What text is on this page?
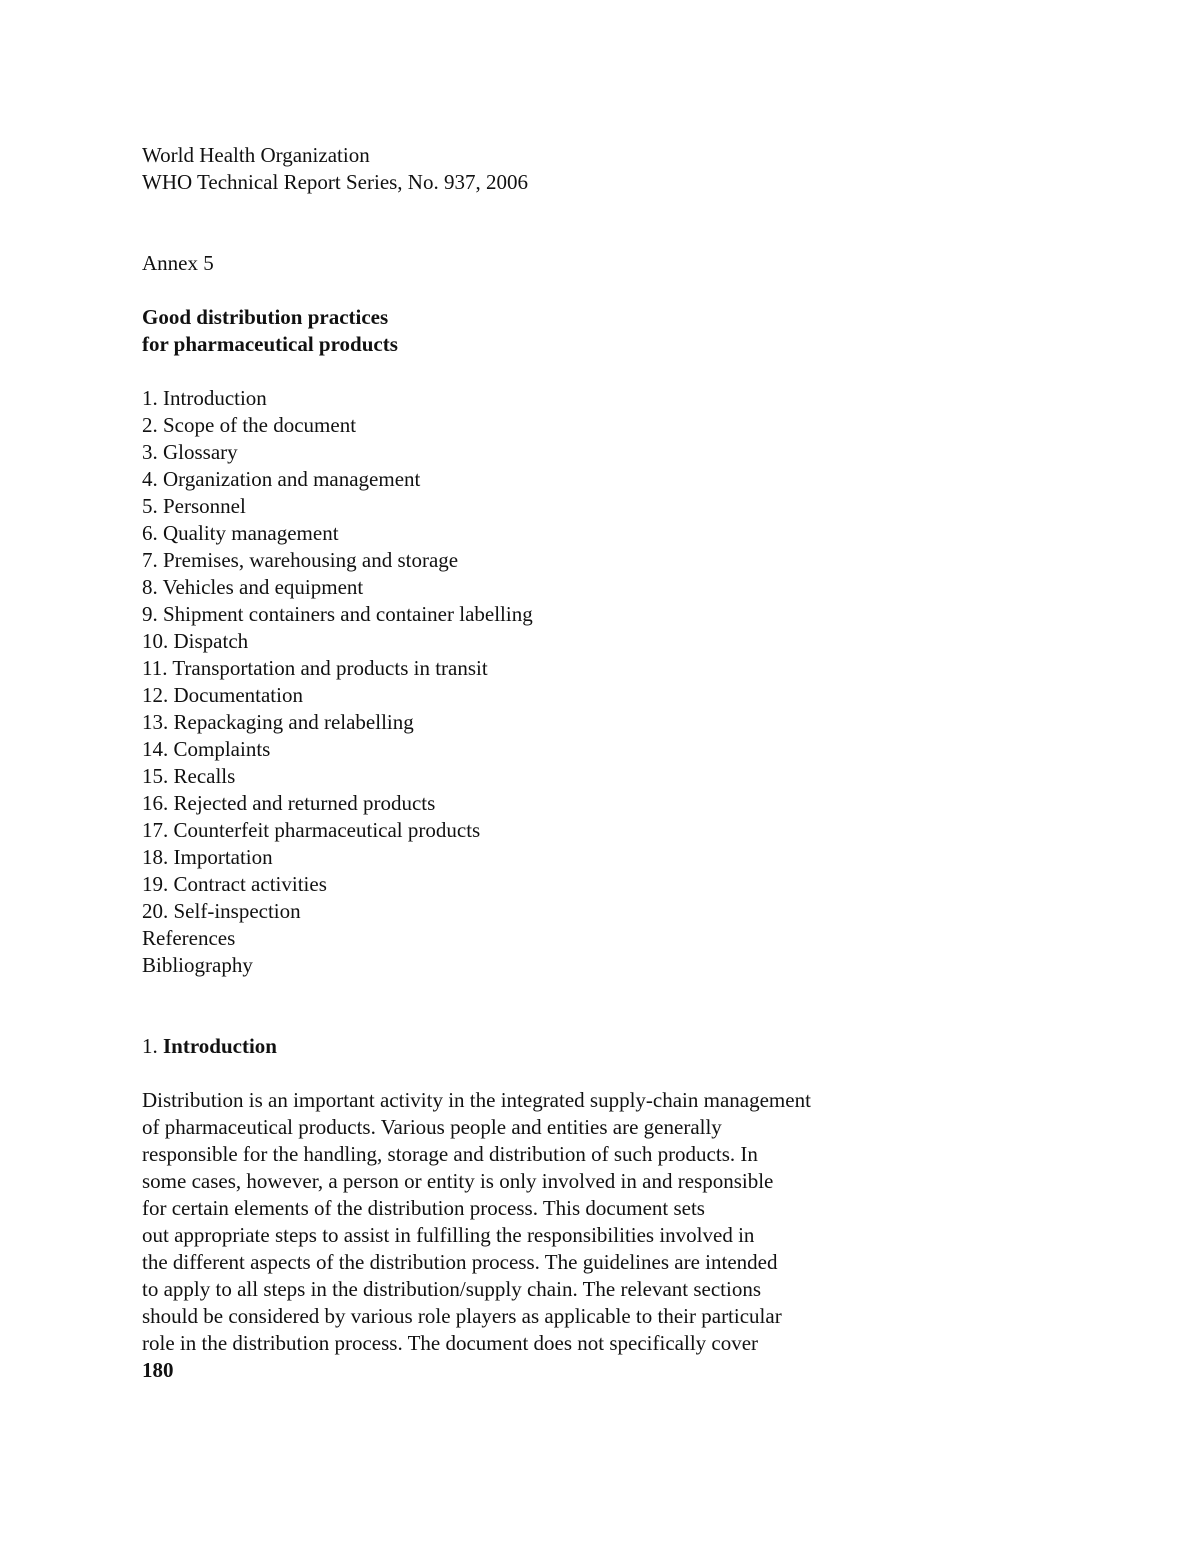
World Health Organization
WHO Technical Report Series, No. 937, 2006
Annex 5
Good distribution practices
for pharmaceutical products
1. Introduction
2. Scope of the document
3. Glossary
4. Organization and management
5. Personnel
6. Quality management
7. Premises, warehousing and storage
8. Vehicles and equipment
9. Shipment containers and container labelling
10. Dispatch
11. Transportation and products in transit
12. Documentation
13. Repackaging and relabelling
14. Complaints
15. Recalls
16. Rejected and returned products
17. Counterfeit pharmaceutical products
18. Importation
19. Contract activities
20. Self-inspection
References
Bibliography
1. Introduction
Distribution is an important activity in the integrated supply-chain management
of pharmaceutical products. Various people and entities are generally
responsible for the handling, storage and distribution of such products. In
some cases, however, a person or entity is only involved in and responsible
for certain elements of the distribution process. This document sets
out appropriate steps to assist in fulfilling the responsibilities involved in
the different aspects of the distribution process. The guidelines are intended
to apply to all steps in the distribution/supply chain. The relevant sections
should be considered by various role players as applicable to their particular
role in the distribution process. The document does not specifically cover
180
